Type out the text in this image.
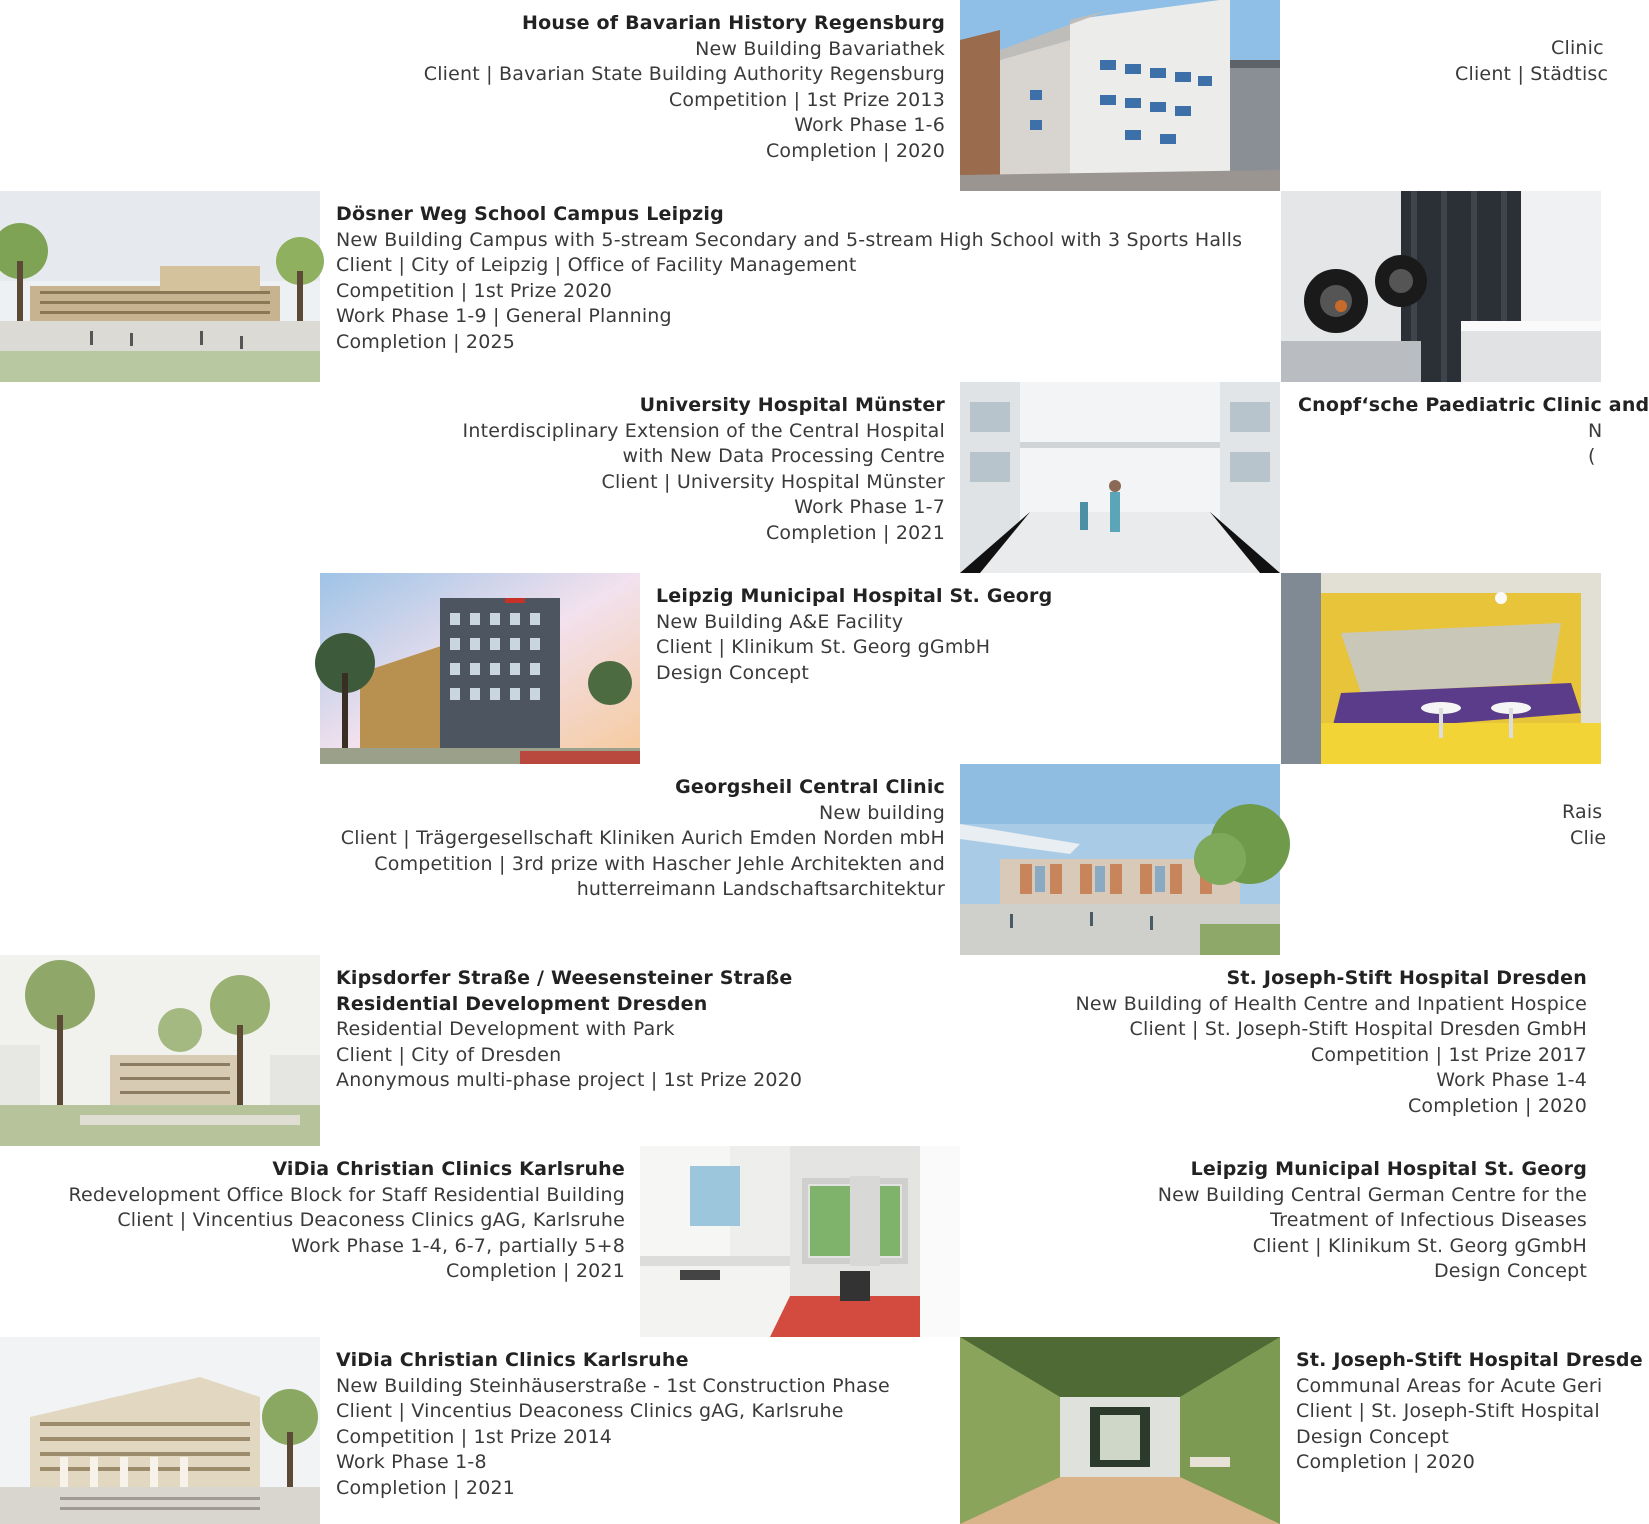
House of Bavarian History Regensburg
New Building Bavariathek
Client | Bavarian State Building Authority Regensburg
Competition | 1st Prize 2013
Work Phase 1-6
Completion | 2020
Clinic
Client | Städtisc
Dösner Weg School Campus Leipzig
New Building Campus with 5-stream Secondary and 5-stream High School with 3 Sports Halls
Client | City of Leipzig | Office of Facility Management
Competition | 1st Prize 2020
Work Phase 1-9 | General Planning
Completion | 2025
University Hospital Münster
Interdisciplinary Extension of the Central Hospital
with New Data Processing Centre
Client | University Hospital Münster
Work Phase 1-7
Completion | 2021
Cnopf‘sche Paediatric Clinic and
N
(
Leipzig Municipal Hospital St. Georg
New Building A&E Facility
Client | Klinikum St. Georg gGmbH
Design Concept
Georgsheil Central Clinic
New building
Client | Trägergesellschaft Kliniken Aurich Emden Norden mbH
Competition | 3rd prize with Hascher Jehle Architekten and
hutterreimann Landschaftsarchitektur
Rais
Clie
Kipsdorfer Straße / Weesensteiner Straße
Residential Development Dresden
Residential Development with Park
Client | City of Dresden
Anonymous multi-phase project | 1st Prize 2020
St. Joseph-Stift Hospital Dresden
New Building of Health Centre and Inpatient Hospice
Client | St. Joseph-Stift Hospital Dresden GmbH
Competition | 1st Prize 2017
Work Phase 1-4
Completion | 2020
ViDia Christian Clinics Karlsruhe
Redevelopment Office Block for Staff Residential Building
Client | Vincentius Deaconess Clinics gAG, Karlsruhe
Work Phase 1-4, 6-7, partially 5+8
Completion | 2021
Leipzig Municipal Hospital St. Georg
New Building Central German Centre for the
Treatment of Infectious Diseases
Client | Klinikum St. Georg gGmbH
Design Concept
ViDia Christian Clinics Karlsruhe
New Building Steinhäuserstraße - 1st Construction Phase
Client | Vincentius Deaconess Clinics gAG, Karlsruhe
Competition | 1st Prize 2014
Work Phase 1-8
Completion | 2021
St. Joseph-Stift Hospital Dresde
Communal Areas for Acute Geri
Client | St. Joseph-Stift Hospital
Design Concept
Completion | 2020
